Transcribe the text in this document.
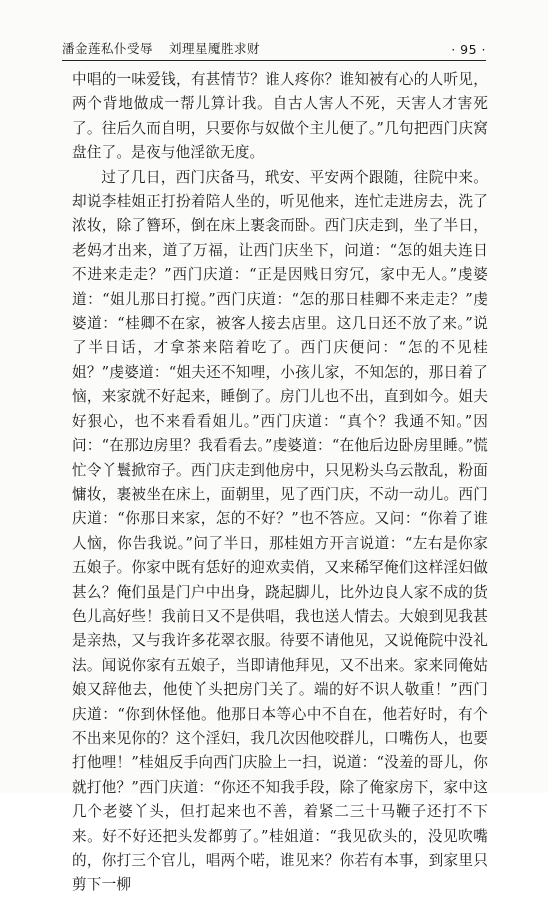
潘金莲私仆受辱 刘理星魇胜求财	· 95 ·

中唱的一味爱钱，有甚情节？谁人疼你？谁知被有心的人听见，两个背地做成一帮儿算计我。自古人害人不死，天害人才害死了。往后久而自明，只要你与奴做个主儿便了。”几句把西门庆窝盘住了。是夜与他淫欲无度。

过了几日，西门庆备马，玳安、平安两个跟随，往院中来。却说李桂姐正打扮着陪人坐的，听见他来，连忙走进房去，洗了浓妆，除了簪环，倒在床上裹衾而卧。西门庆走到，坐了半日，老妈才出来，道了万福，让西门庆坐下，问道：“怎的姐夫连日不进来走走？”西门庆道：“正是因贱日穷冗，家中无人。”虔婆道：“姐儿那日打搅。”西门庆道：“怎的那日桂卿不来走走？”虔婆道：“桂卿不在家，被客人接去店里。这几日还不放了来。”说了半日话，才拿茶来陪着吃了。西门庆便问：“怎的不见桂姐？”虔婆道：“姐夫还不知哩，小孩儿家，不知怎的，那日着了恼，来家就不好起来，睡倒了。房门儿也不出，直到如今。姐夫好狠心，也不来看看姐儿。”西门庆道：“真个？我通不知。”因问：“在那边房里？我看看去。”虔婆道：“在他后边卧房里睡。”慌忙令丫鬟掀帘子。西门庆走到他房中，只见粉头乌云散乱，粉面慵妆，裹被坐在床上，面朝里，见了西门庆，不动一动儿。西门庆道：“你那日来家，怎的不好？”也不答应。又问：“你着了谁人恼，你告我说。”问了半日，那桂姐方开言说道：“左右是你家五娘子。你家中既有恁好的迎欢卖俏，又来稀罕俺们这样淫妇做甚么？俺们虽是门户中出身，跷起脚儿，比外边良人家不成的货色儿高好些！我前日又不是供唱，我也送人情去。大娘到见我甚是亲热，又与我许多花翠衣服。待要不请他见，又说俺院中没礼法。闻说你家有五娘子，当即请他拜见，又不出来。家来同俺姑娘又辞他去，他使丫头把房门关了。端的好不识人敬重！”西门庆道：“你到休怪他。他那日本等心中不自在，他若好时，有个不出来见你的？这个淫妇，我几次因他咬群儿，口嘴伤人，也要打他哩！”桂姐反手向西门庆脸上一扫，说道：“没羞的哥儿，你就打他？”西门庆道：“你还不知我手段，除了俺家房下，家中这几个老婆丫头，但打起来也不善，着紧二三十马鞭子还打不下来。好不好还把头发都剪了。”桂姐道：“我见砍头的，没见吹嘴的，你打三个官儿，唱两个喏，谁见来？你若有本事，到家里只剪下一柳
